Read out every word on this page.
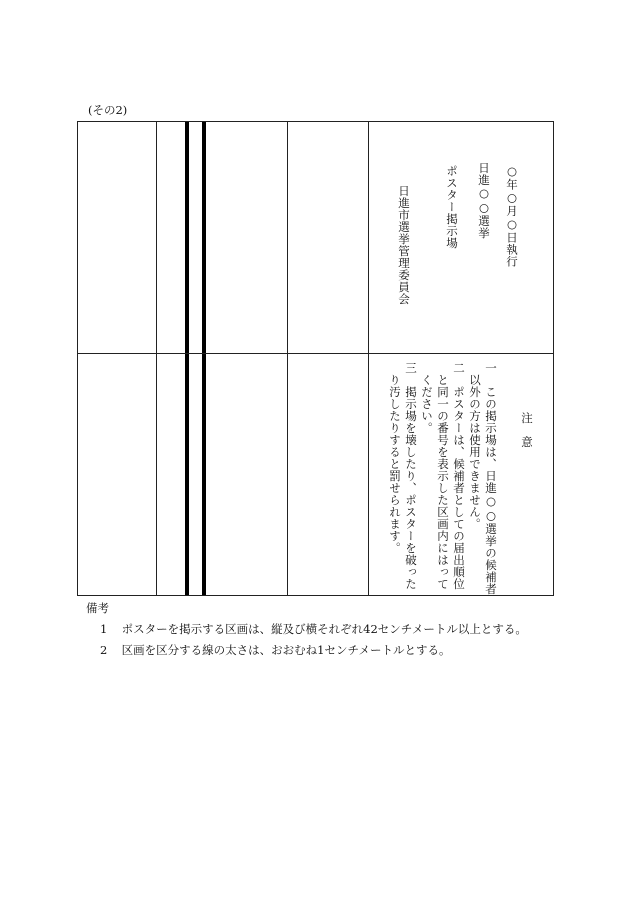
(その2)
○年○月○日執行
日進○○選挙
ポスター掲示場
日進市選挙管理委員会
注　意
一　この掲示場は、日進○○選挙の候補者
　以外の方は使用できません。
二　ポスターは、候補者としての届出順位
　と同一の番号を表示した区画内にはって
　ください。
三　掲示場を壊したり、ポスターを破った
　り汚したりすると罰せられます。
備考
1 ポスターを掲示する区画は、縦及び横それぞれ42センチメートル以上とする。
2 区画を区分する線の太さは、おおむね1センチメートルとする。
